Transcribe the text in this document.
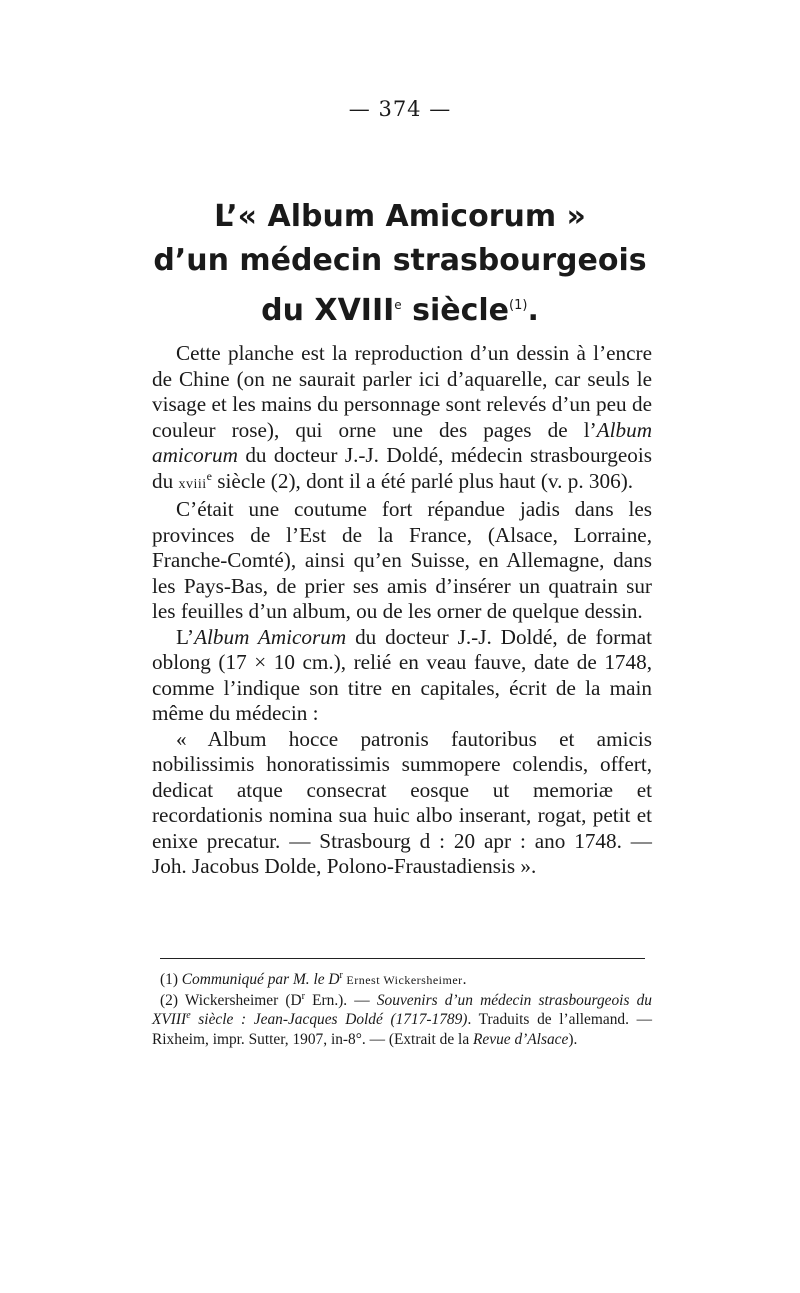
— 374 —
L’« Album Amicorum »
d’un médecin strasbourgeois
du XVIIIe siècle$^{(1)}$.

Cette planche est la reproduction d’un dessin à l’encre de Chine (on ne saurait parler ici d’aquarelle, car seuls le visage et les mains du personnage sont relevés d’un peu de couleur rose), qui orne une des pages de l’Album amicorum du docteur J.-J. Doldé, médecin strasbourgeois du xviii$^e$ siècle (2), dont il a été parlé plus haut (v. p. 306).

C’était une coutume fort répandue jadis dans les provinces de l’Est de la France, (Alsace, Lorraine, Franche-Comté), ainsi qu’en Suisse, en Allemagne, dans les Pays-Bas, de prier ses amis d’insérer un quatrain sur les feuilles d’un album, ou de les orner de quelque dessin.

L’Album Amicorum du docteur J.-J. Doldé, de format oblong (17 × 10 cm.), relié en veau fauve, date de 1748, comme l’indique son titre en capitales, écrit de la main même du médecin :

« Album hocce patronis fautoribus et amicis nobilissimis honoratissimis summopere colendis, offert, dedicat atque consecrat eosque ut memoriæ et recordationis nomina sua huic albo inserant, rogat, petit et enixe precatur. — Strasbourg d : 20 apr : ano 1748. — Joh. Jacobus Dolde, Polono-Fraustadiensis ».

(1) Communiqué par M. le $D^r$ Ernest Wickersheimer.

(2) Wickersheimer ($D^r$ Ern.). — Souvenirs d’un médecin strasbourgeois du XVIIIe siècle : Jean-Jacques Doldé (1717-1789). Traduits de l’allemand. — Rixheim, impr. Sutter, 1907, in-8°. — (Extrait de la Revue d’Alsace).
